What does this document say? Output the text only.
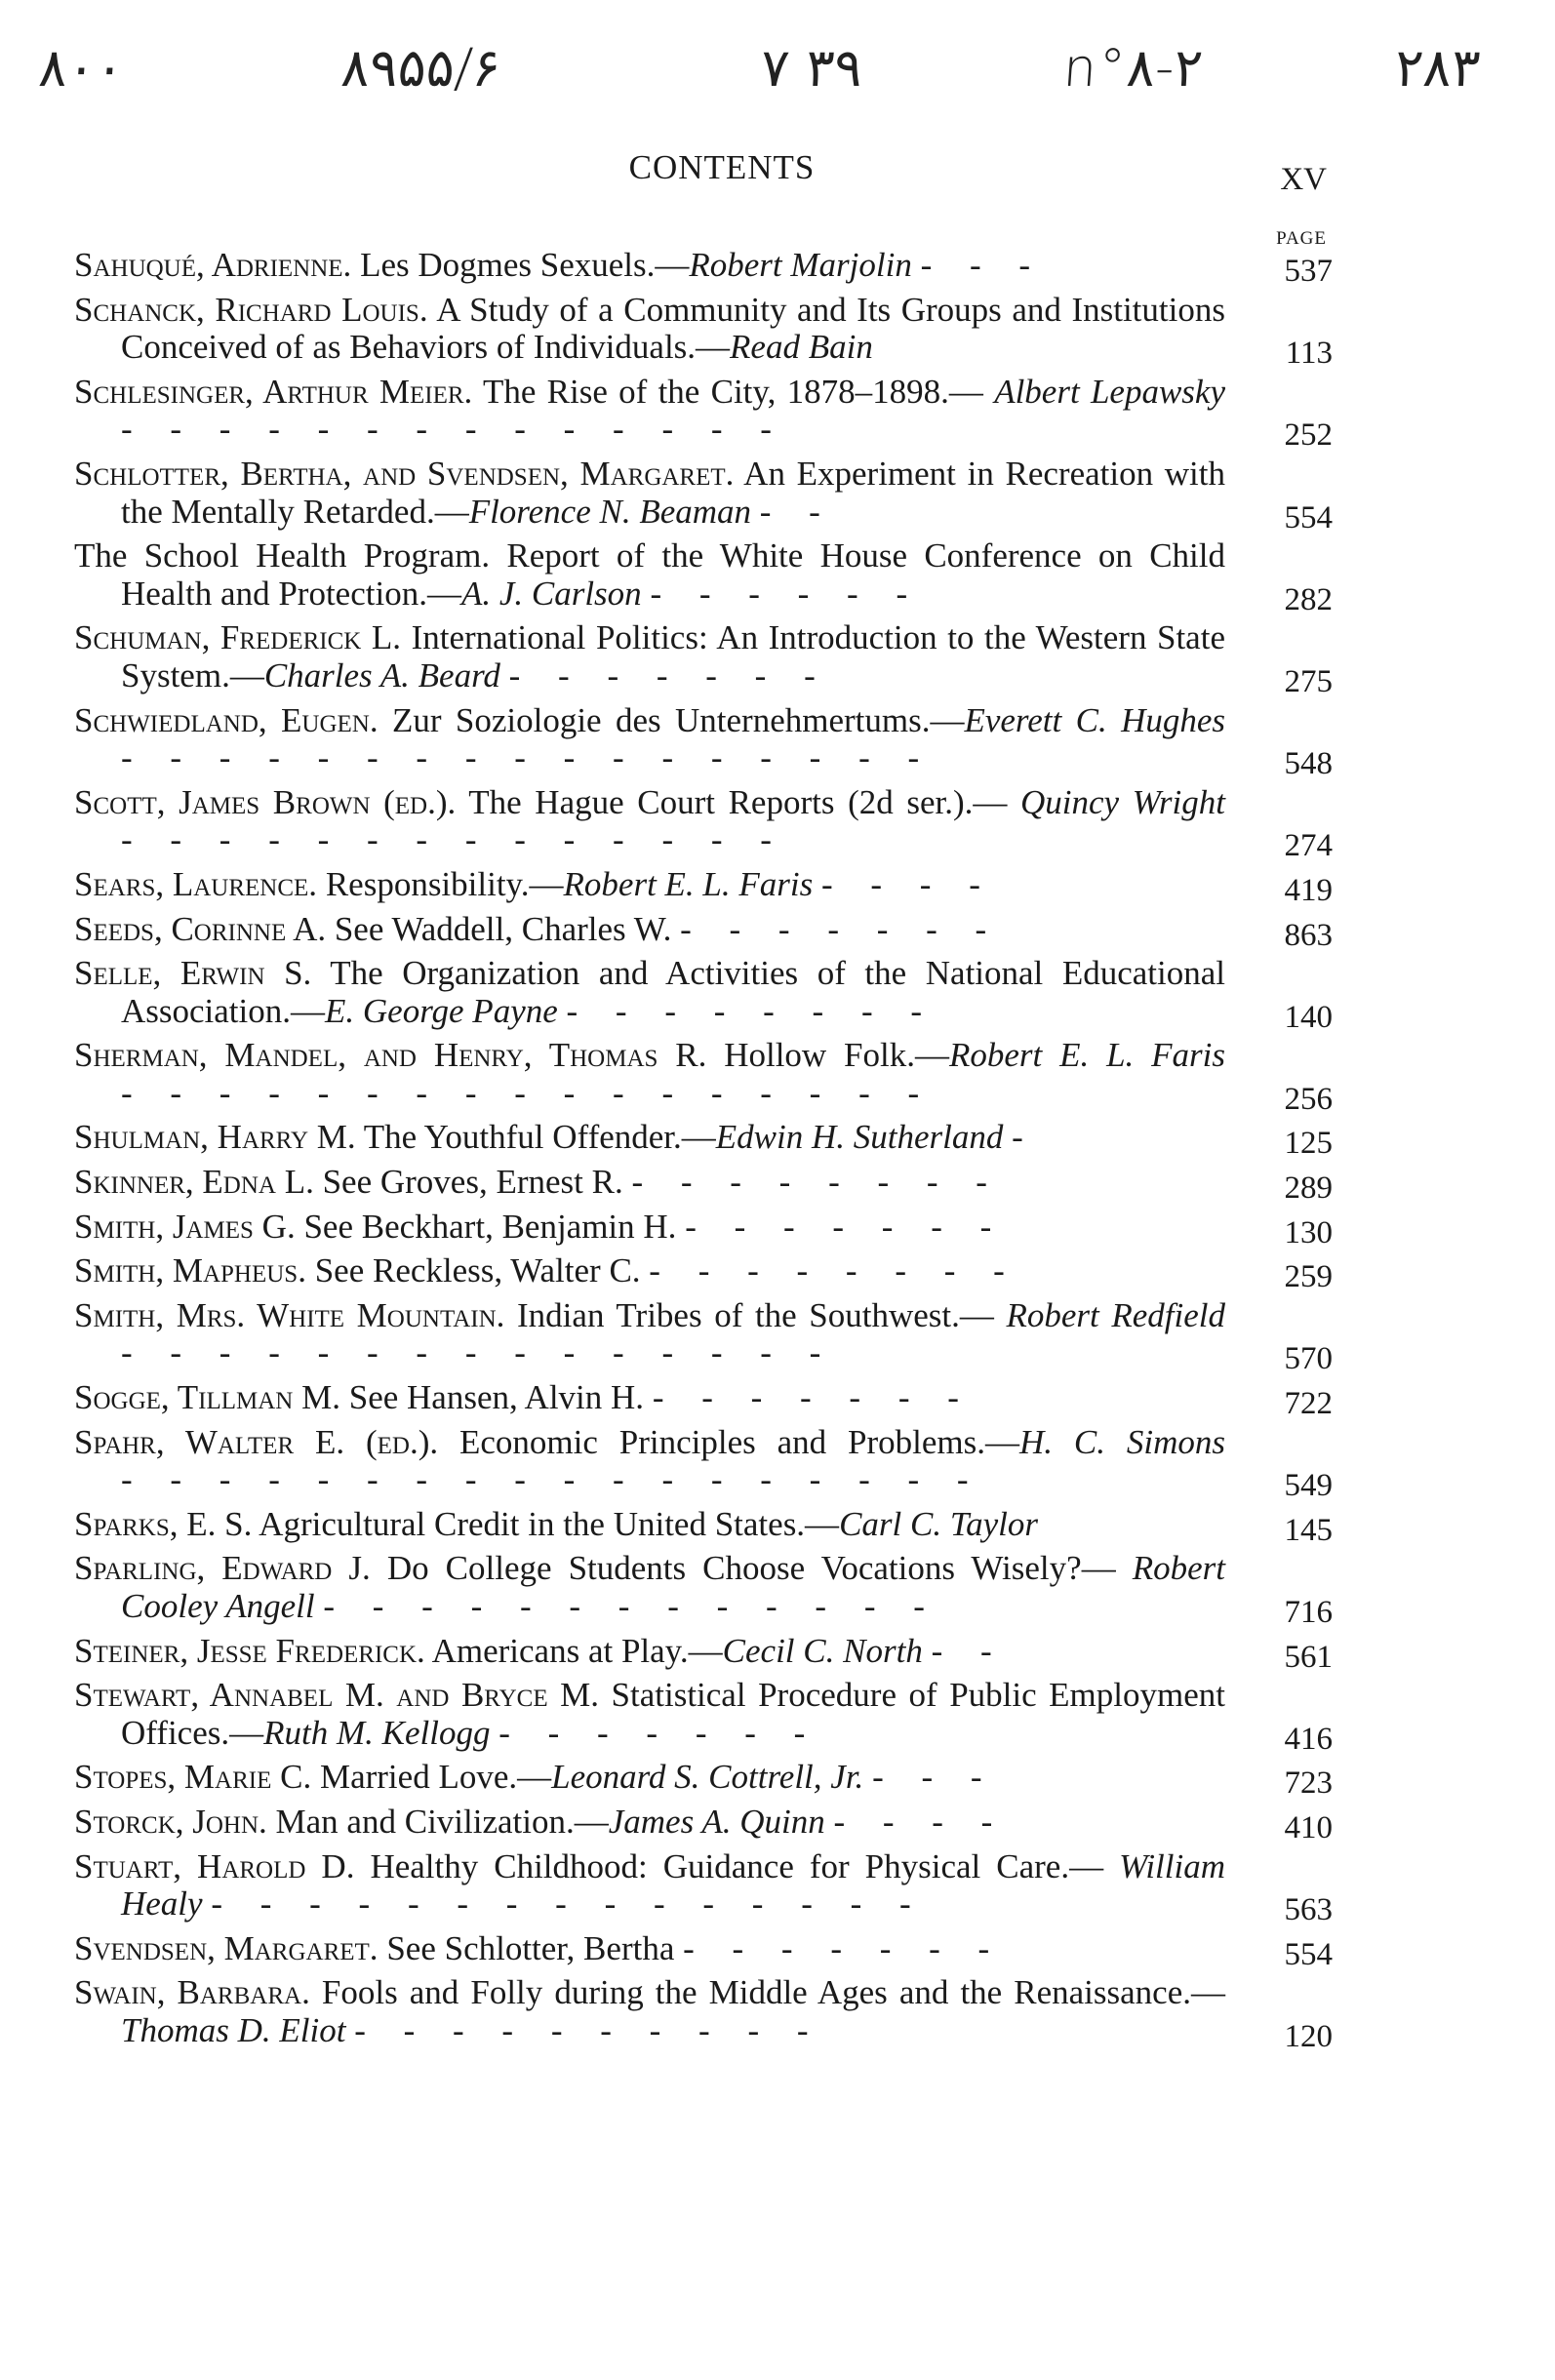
۸۰۰	۸۹۵۵/۶	۷ ۳۹	n°۸-۲	۲۸۳
CONTENTS	XV
PAGE
Sahuqué, Adrienne. Les Dogmes Sexuels.—Robert Marjolin - - -	537
Schanck, Richard Louis. A Study of a Community and Its Groups and Institutions Conceived of as Behaviors of Individuals.—Read Bain	113
Schlesinger, Arthur Meier. The Rise of the City, 1878–1898.— Albert Lepawsky - - - - - - - - - - - - - -	252
Schlotter, Bertha, and Svendsen, Margaret. An Experiment in Recreation with the Mentally Retarded.—Florence N. Beaman - -	554
The School Health Program. Report of the White House Conference on Child Health and Protection.—A. J. Carlson - - - - - -	282
Schuman, Frederick L. International Politics: An Introduction to the Western State System.—Charles A. Beard - - - - - - -	275
Schwiedland, Eugen. Zur Soziologie des Unternehmertums.—Everett C. Hughes - - - - - - - - - - - - - - - - -	548
Scott, James Brown (ed.). The Hague Court Reports (2d ser.).— Quincy Wright - - - - - - - - - - - - - -	274
Sears, Laurence. Responsibility.—Robert E. L. Faris - - - -	419
Seeds, Corinne A. See Waddell, Charles W. - - - - - - -	863
Selle, Erwin S. The Organization and Activities of the National Educational Association.—E. George Payne - - - - - - - -	140
Sherman, Mandel, and Henry, Thomas R. Hollow Folk.—Robert E. L. Faris - - - - - - - - - - - - - - - - -	256
Shulman, Harry M. The Youthful Offender.—Edwin H. Sutherland -	125
Skinner, Edna L. See Groves, Ernest R. - - - - - - - -	289
Smith, James G. See Beckhart, Benjamin H. - - - - - - -	130
Smith, Mapheus. See Reckless, Walter C. - - - - - - - -	259
Smith, Mrs. White Mountain. Indian Tribes of the Southwest.— Robert Redfield - - - - - - - - - - - - - - -	570
Sogge, Tillman M. See Hansen, Alvin H. - - - - - - -	722
Spahr, Walter E. (ed.). Economic Principles and Problems.—H. C. Simons - - - - - - - - - - - - - - - - - -	549
Sparks, E. S. Agricultural Credit in the United States.—Carl C. Taylor	145
Sparling, Edward J. Do College Students Choose Vocations Wisely?— Robert Cooley Angell - - - - - - - - - - - - -	716
Steiner, Jesse Frederick. Americans at Play.—Cecil C. North - -	561
Stewart, Annabel M. and Bryce M. Statistical Procedure of Public Employment Offices.—Ruth M. Kellogg - - - - - - -	416
Stopes, Marie C. Married Love.—Leonard S. Cottrell, Jr. - - -	723
Storck, John. Man and Civilization.—James A. Quinn - - - -	410
Stuart, Harold D. Healthy Childhood: Guidance for Physical Care.— William Healy - - - - - - - - - - - - - - -	563
Svendsen, Margaret. See Schlotter, Bertha - - - - - - -	554
Swain, Barbara. Fools and Folly during the Middle Ages and the Renaissance.—Thomas D. Eliot - - - - - - - - - -	120
